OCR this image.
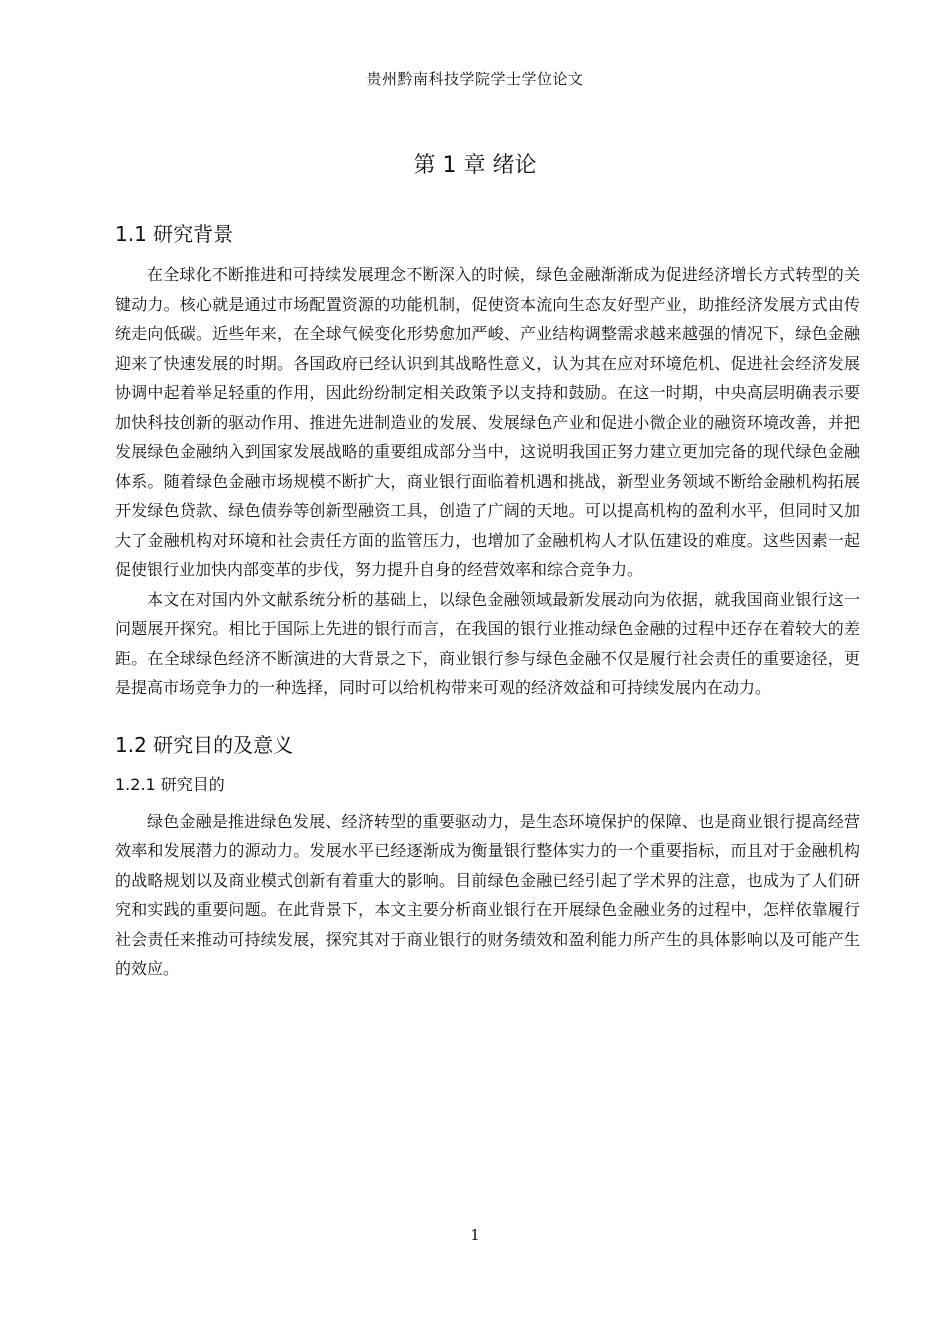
贵州黔南科技学院学士学位论文
第 1 章 绪论
1.1 研究背景

在全球化不断推进和可持续发展理念不断深入的时候，绿色金融渐渐成为促进经济增长方式转型的关键动力。核心就是通过市场配置资源的功能机制，促使资本流向生态友好型产业，助推经济发展方式由传统走向低碳。近些年来，在全球气候变化形势愈加严峻、产业结构调整需求越来越强的情况下，绿色金融迎来了快速发展的时期。各国政府已经认识到其战略性意义，认为其在应对环境危机、促进社会经济发展协调中起着举足轻重的作用，因此纷纷制定相关政策予以支持和鼓励。在这一时期，中央高层明确表示要加快科技创新的驱动作用、推进先进制造业的发展、发展绿色产业和促进小微企业的融资环境改善，并把发展绿色金融纳入到国家发展战略的重要组成部分当中，这说明我国正努力建立更加完备的现代绿色金融体系。随着绿色金融市场规模不断扩大，商业银行面临着机遇和挑战，新型业务领域不断给金融机构拓展开发绿色贷款、绿色债券等创新型融资工具，创造了广阔的天地。可以提高机构的盈利水平，但同时又加大了金融机构对环境和社会责任方面的监管压力，也增加了金融机构人才队伍建设的难度。这些因素一起促使银行业加快内部变革的步伐，努力提升自身的经营效率和综合竞争力。

本文在对国内外文献系统分析的基础上，以绿色金融领域最新发展动向为依据，就我国商业银行这一问题展开探究。相比于国际上先进的银行而言，在我国的银行业推动绿色金融的过程中还存在着较大的差距。在全球绿色经济不断演进的大背景之下，商业银行参与绿色金融不仅是履行社会责任的重要途径，更是提高市场竞争力的一种选择，同时可以给机构带来可观的经济效益和可持续发展内在动力。

1.2 研究目的及意义
1.2.1 研究目的

绿色金融是推进绿色发展、经济转型的重要驱动力，是生态环境保护的保障、也是商业银行提高经营效率和发展潜力的源动力。发展水平已经逐渐成为衡量银行整体实力的一个重要指标，而且对于金融机构的战略规划以及商业模式创新有着重大的影响。目前绿色金融已经引起了学术界的注意，也成为了人们研究和实践的重要问题。在此背景下，本文主要分析商业银行在开展绿色金融业务的过程中，怎样依靠履行社会责任来推动可持续发展，探究其对于商业银行的财务绩效和盈利能力所产生的具体影响以及可能产生的效应。

1
